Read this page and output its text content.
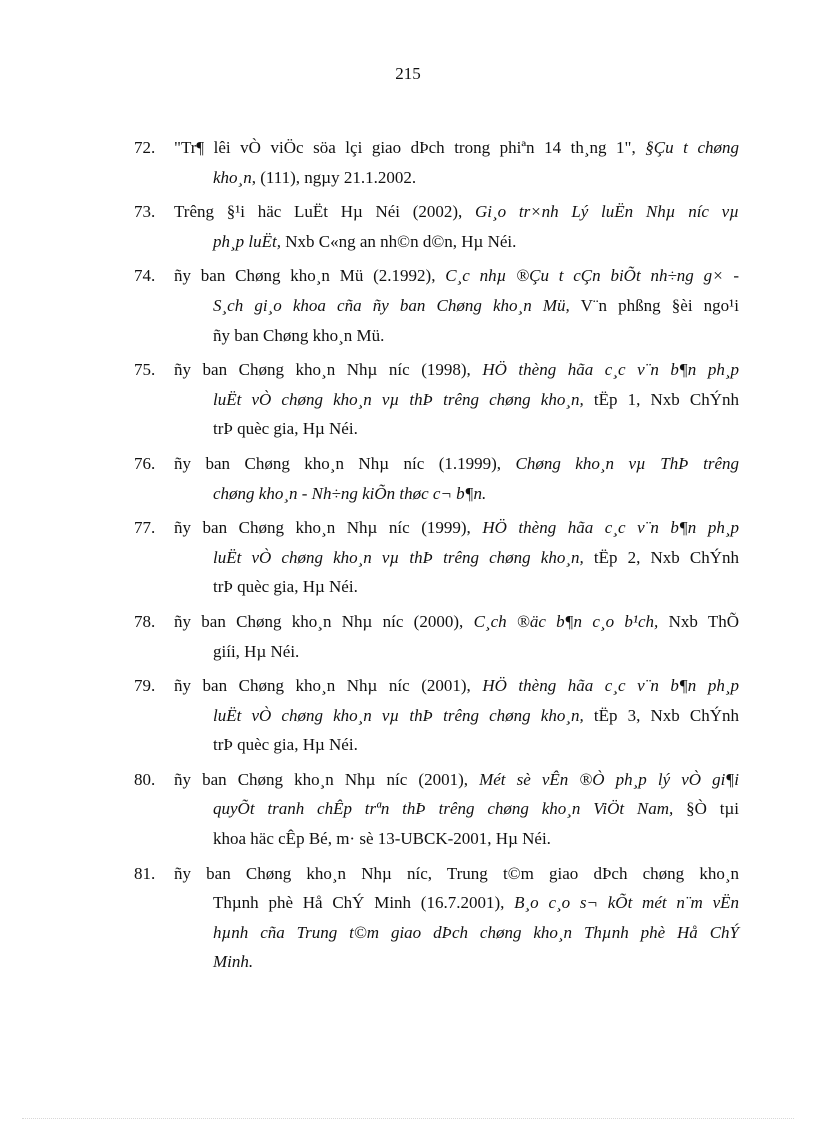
215
72.	"Tr¶ lêi vÒ viÖc söa lçi giao dÞch trong phiªn 14 th¸ng 1", §Çu t chøng
kho¸n, (111), ngµy 21.1.2002.
73.	Trêng §¹i häc LuËt Hµ Néi (2002), Gi¸o tr×nh Lý luËn Nhµ níc vµ
ph¸p luËt, Nxb C«ng an nh©n d©n, Hµ Néi.
74.	ñy ban Chøng kho¸n Mü (2.1992), C¸c nhµ ®Çu t cÇn biÕt nh÷ng g× -
S¸ch gi¸o khoa cña ñy ban Chøng kho¸n Mü, V¨n phßng §èi ngo¹i
ñy ban Chøng kho¸n Mü.
75.	ñy ban Chøng kho¸n Nhµ níc (1998), HÖ thèng hãa c¸c v¨n b¶n ph¸p
luËt vÒ chøng kho¸n vµ thÞ trêng chøng kho¸n, tËp 1, Nxb ChÝnh
trÞ quèc gia, Hµ Néi.
76.	ñy ban Chøng kho¸n Nhµ níc (1.1999), Chøng kho¸n vµ ThÞ trêng
chøng kho¸n - Nh÷ng kiÕn thøc c¬ b¶n.
77.	ñy ban Chøng kho¸n Nhµ níc (1999), HÖ thèng hãa c¸c v¨n b¶n ph¸p
luËt vÒ chøng kho¸n vµ thÞ trêng chøng kho¸n, tËp 2, Nxb ChÝnh
trÞ quèc gia, Hµ Néi.
78.	ñy ban Chøng kho¸n Nhµ níc (2000), C¸ch ®äc b¶n c¸o b¹ch, Nxb ThÕ
giíi, Hµ Néi.
79.	ñy ban Chøng kho¸n Nhµ níc (2001), HÖ thèng hãa c¸c v¨n b¶n ph¸p
luËt vÒ chøng kho¸n vµ thÞ trêng chøng kho¸n, tËp 3, Nxb ChÝnh
trÞ quèc gia, Hµ Néi.
80.	ñy ban Chøng kho¸n Nhµ níc (2001), Mét sè vÊn ®Ò ph¸p lý vÒ gi¶i
quyÕt tranh chÊp trªn thÞ trêng chøng kho¸n ViÖt Nam, §Ò tµi
khoa häc cÊp Bé, m· sè 13-UBCK-2001, Hµ Néi.
81.	ñy ban Chøng kho¸n Nhµ níc, Trung t©m giao dÞch chøng kho¸n
Thµnh phè Hå ChÝ Minh (16.7.2001), B¸o c¸o s¬ kÕt mét n¨m vËn
hµnh cña Trung t©m giao dÞch chøng kho¸n Thµnh phè Hå ChÝ
Minh.
